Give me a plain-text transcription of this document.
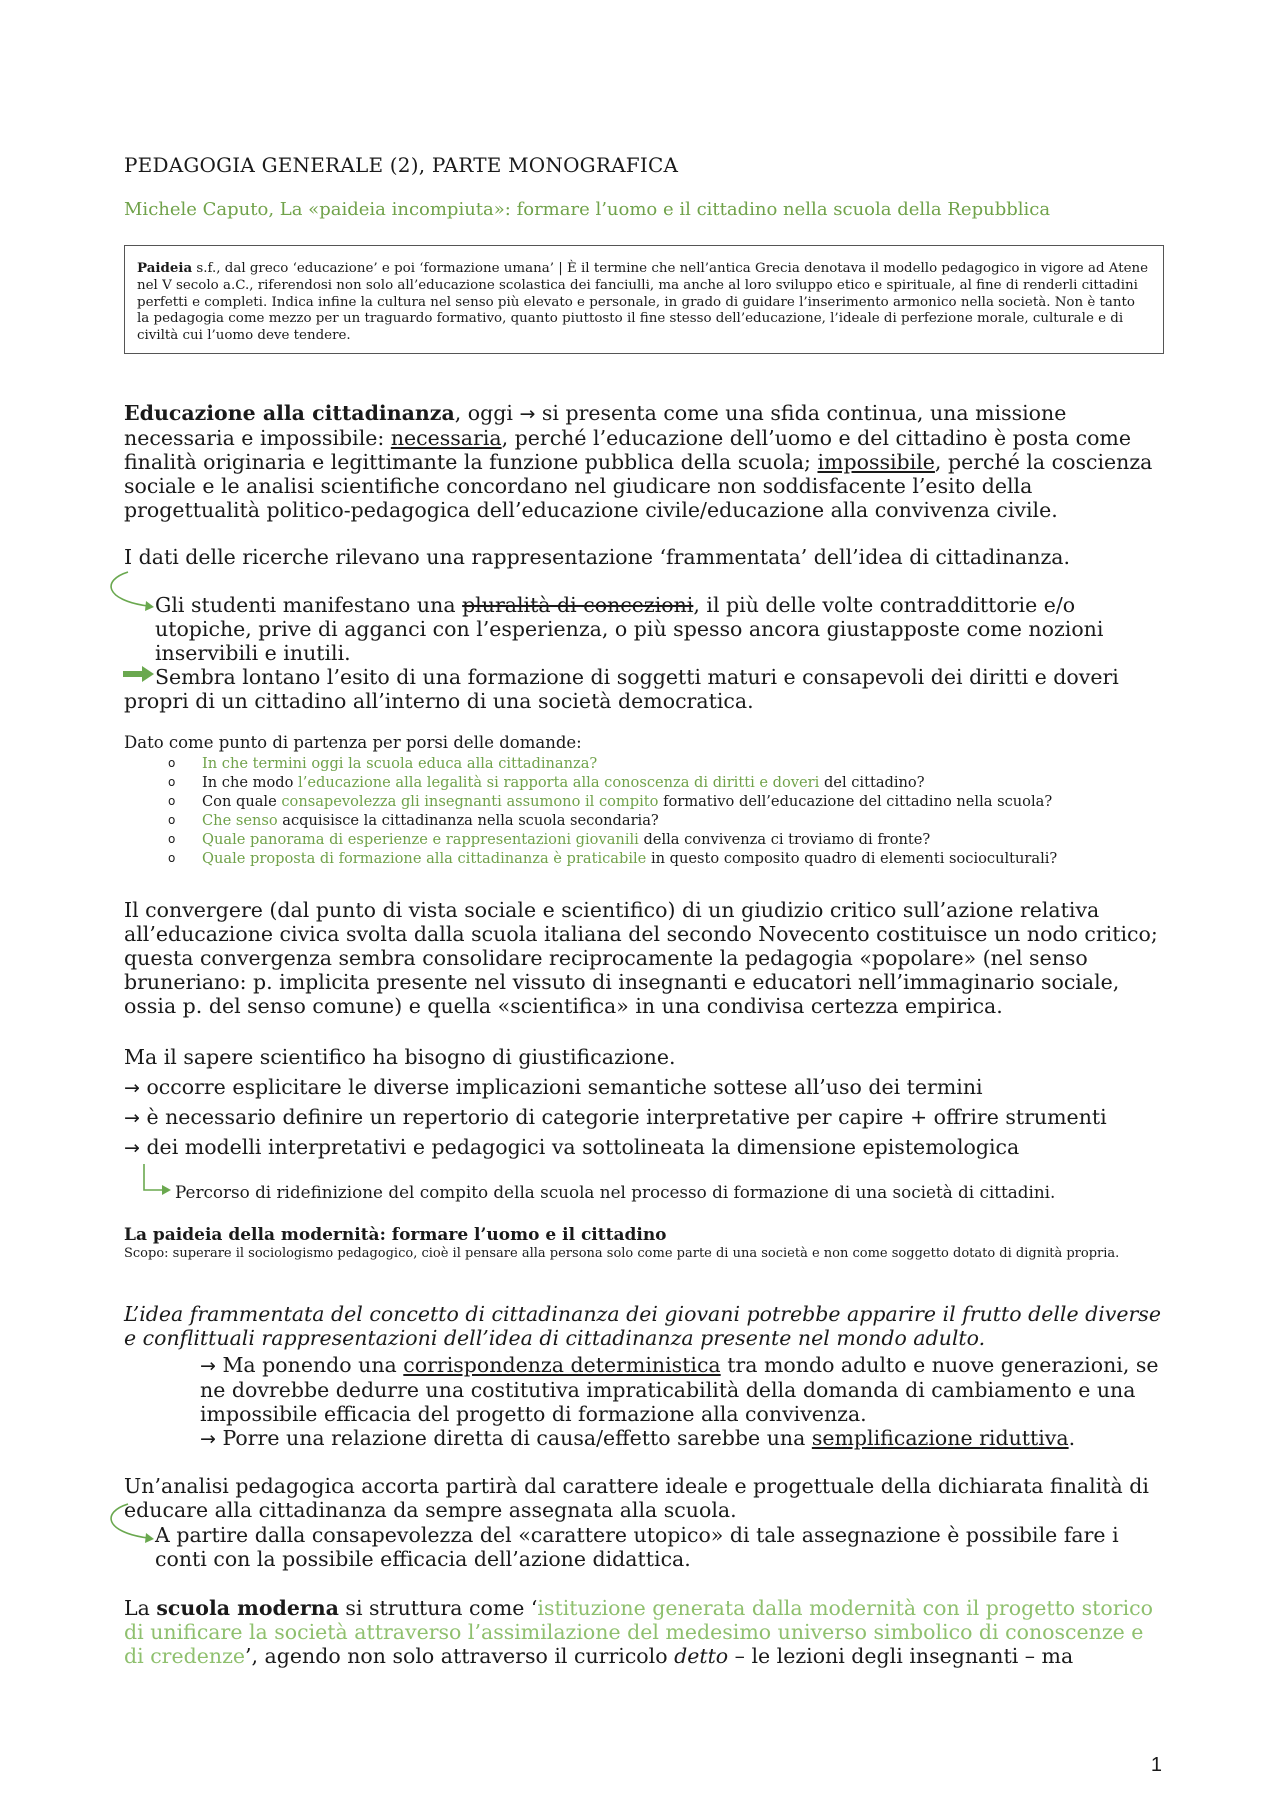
PEDAGOGIA GENERALE (2), PARTE MONOGRAFICA
Michele Caputo, La «paideia incompiuta»: formare l’uomo e il cittadino nella scuola della Repubblica
Paideia s.f., dal greco ‘educazione’ e poi ‘formazione umana’ | È il termine che nell’antica Grecia denotava il modello pedagogico in vigore ad Atene nel V secolo a.C., riferendosi non solo all’educazione scolastica dei fanciulli, ma anche al loro sviluppo etico e spirituale, al fine di renderli cittadini perfetti e completi. Indica infine la cultura nel senso più elevato e personale, in grado di guidare l’inserimento armonico nella società. Non è tanto la pedagogia come mezzo per un traguardo formativo, quanto piuttosto il fine stesso dell’educazione, l’ideale di perfezione morale, culturale e di civiltà cui l’uomo deve tendere.
Educazione alla cittadinanza, oggi → si presenta come una sfida continua, una missione necessaria e impossibile: necessaria, perché l’educazione dell’uomo e del cittadino è posta come finalità originaria e legittimante la funzione pubblica della scuola; impossibile, perché la coscienza sociale e le analisi scientifiche concordano nel giudicare non soddisfacente l’esito della progettualità politico-pedagogica dell’educazione civile/educazione alla convivenza civile.
I dati delle ricerche rilevano una rappresentazione ‘frammentata’ dell’idea di cittadinanza.
Gli studenti manifestano una pluralità di concezioni, il più delle volte contraddittorie e/o utopiche, prive di agganci con l’esperienza, o più spesso ancora giustapposte come nozioni inservibili e inutili.
Sembra lontano l’esito di una formazione di soggetti maturi e consapevoli dei diritti e doveri propri di un cittadino all’interno di una società democratica.
Dato come punto di partenza per porsi delle domande:
o In che termini oggi la scuola educa alla cittadinanza?
o In che modo l’educazione alla legalità si rapporta alla conoscenza di diritti e doveri del cittadino?
o Con quale consapevolezza gli insegnanti assumono il compito formativo dell’educazione del cittadino nella scuola?
o Che senso acquisisce la cittadinanza nella scuola secondaria?
o Quale panorama di esperienze e rappresentazioni giovanili della convivenza ci troviamo di fronte?
o Quale proposta di formazione alla cittadinanza è praticabile in questo composito quadro di elementi socioculturali?
Il convergere (dal punto di vista sociale e scientifico) di un giudizio critico sull’azione relativa all’educazione civica svolta dalla scuola italiana del secondo Novecento costituisce un nodo critico; questa convergenza sembra consolidare reciprocamente la pedagogia «popolare» (nel senso bruneriano: p. implicita presente nel vissuto di insegnanti e educatori nell’immaginario sociale, ossia p. del senso comune) e quella «scientifica» in una condivisa certezza empirica.
Ma il sapere scientifico ha bisogno di giustificazione.
→ occorre esplicitare le diverse implicazioni semantiche sottese all’uso dei termini
→ è necessario definire un repertorio di categorie interpretative per capire + offrire strumenti
→ dei modelli interpretativi e pedagogici va sottolineata la dimensione epistemologica
Percorso di ridefinizione del compito della scuola nel processo di formazione di una società di cittadini.
La paideia della modernità: formare l’uomo e il cittadino
Scopo: superare il sociologismo pedagogico, cioè il pensare alla persona solo come parte di una società e non come soggetto dotato di dignità propria.
L’idea frammentata del concetto di cittadinanza dei giovani potrebbe apparire il frutto delle diverse e conflittuali rappresentazioni dell’idea di cittadinanza presente nel mondo adulto.
→ Ma ponendo una corrispondenza deterministica tra mondo adulto e nuove generazioni, se ne dovrebbe dedurre una costitutiva impraticabilità della domanda di cambiamento e una impossibile efficacia del progetto di formazione alla convivenza.
→ Porre una relazione diretta di causa/effetto sarebbe una semplificazione riduttiva.
Un’analisi pedagogica accorta partirà dal carattere ideale e progettuale della dichiarata finalità di educare alla cittadinanza da sempre assegnata alla scuola.
A partire dalla consapevolezza del «carattere utopico» di tale assegnazione è possibile fare i conti con la possibile efficacia dell’azione didattica.
La scuola moderna si struttura come ‘istituzione generata dalla modernità con il progetto storico di unificare la società attraverso l’assimilazione del medesimo universo simbolico di conoscenze e di credenze’, agendo non solo attraverso il curricolo detto – le lezioni degli insegnanti – ma
1
